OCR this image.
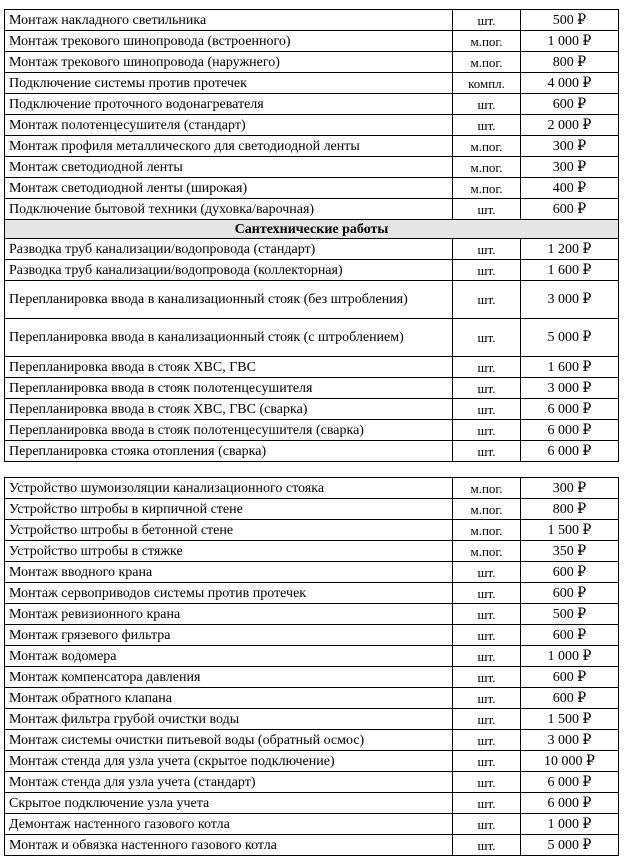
Монтаж накладного светильника	шт.	500 ₽
Монтаж трекового шинопровода (встроенного)	м.пог.	1 000 ₽
Монтаж трекового шинопровода (наружнего)	м.пог.	800 ₽
Подключение системы против протечек	компл.	4 000 ₽
Подключение проточного водонагревателя	шт.	600 ₽
Монтаж полотенцесушителя (стандарт)	шт.	2 000 ₽
Монтаж профиля металлического для светодиодной ленты	м.пог.	300 ₽
Монтаж светодиодной ленты	м.пог.	300 ₽
Монтаж светодиодной ленты (широкая)	м.пог.	400 ₽
Подключение бытовой техники (духовка/варочная)	шт.	600 ₽
Сантехнические работы		
Разводка труб канализации/водопровода (стандарт)	шт.	1 200 ₽
Разводка труб канализации/водопровода (коллекторная)	шт.	1 600 ₽
Перепланировка ввода в канализационный стояк (без штробления)	шт.	3 000 ₽
Перепланировка ввода в канализационный стояк (с штроблением)	шт.	5 000 ₽
Перепланировка ввода в стояк ХВС, ГВС	шт.	1 600 ₽
Перепланировка ввода в стояк полотенцесушителя	шт.	3 000 ₽
Перепланировка ввода в стояк ХВС, ГВС (сварка)	шт.	6 000 ₽
Перепланировка ввода в стояк полотенцесушителя (сварка)	шт.	6 000 ₽
Перепланировка стояка отопления (сварка)	шт.	6 000 ₽
Устройство шумоизоляции канализационного стояка	м.пог.	300 ₽
Устройство штробы в кирпичной стене	м.пог.	800 ₽
Устройство штробы в бетонной стене	м.пог.	1 500 ₽
Устройство штробы в стяжке	м.пог.	350 ₽
Монтаж вводного крана	шт.	600 ₽
Монтаж сервоприводов системы против протечек	шт.	600 ₽
Монтаж ревизионного крана	шт.	500 ₽
Монтаж грязевого фильтра	шт.	600 ₽
Монтаж водомера	шт.	1 000 ₽
Монтаж компенсатора давления	шт.	600 ₽
Монтаж обратного клапана	шт.	600 ₽
Монтаж фильтра грубой очистки воды	шт.	1 500 ₽
Монтаж системы очистки питьевой воды (обратный осмос)	шт.	3 000 ₽
Монтаж стенда для узла учета (скрытое подключение)	шт.	10 000 ₽
Монтаж стенда для узла учета (стандарт)	шт.	6 000 ₽
Скрытое подключение узла учета	шт.	6 000 ₽
Демонтаж настенного газового котла	шт.	1 000 ₽
Монтаж и обвязка настенного газового котла	шт.	5 000 ₽
